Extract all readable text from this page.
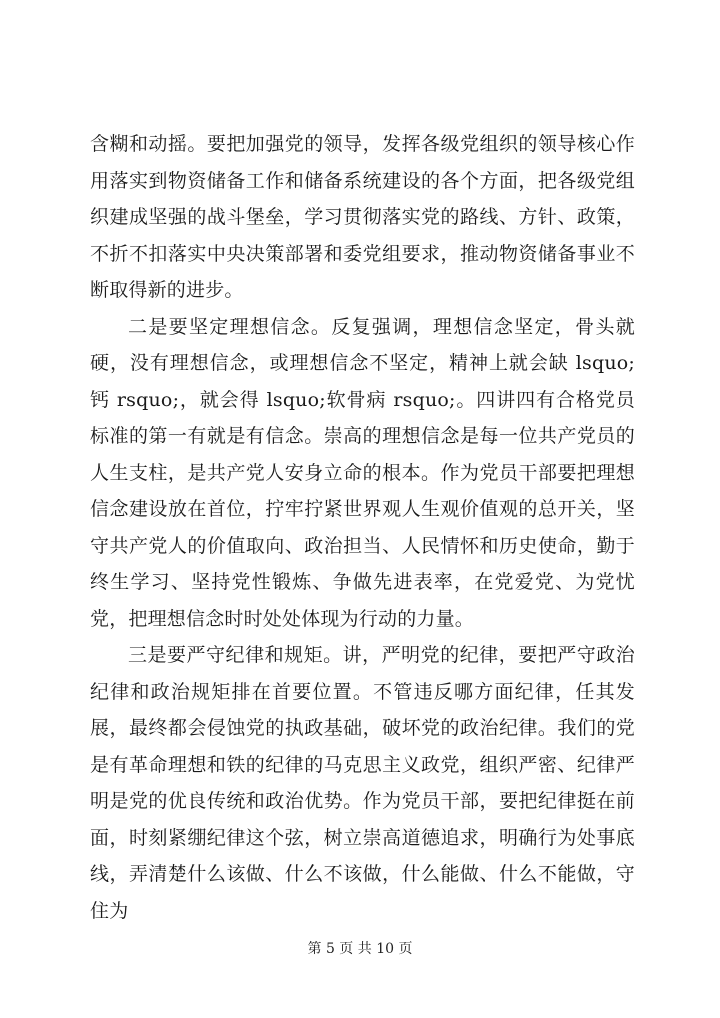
含糊和动摇。要把加强党的领导，发挥各级党组织的领导核心作用落实到物资储备工作和储备系统建设的各个方面，把各级党组织建成坚强的战斗堡垒，学习贯彻落实党的路线、方针、政策，不折不扣落实中央决策部署和委党组要求，推动物资储备事业不断取得新的进步。

二是要坚定理想信念。反复强调，理想信念坚定，骨头就硬，没有理想信念，或理想信念不坚定，精神上就会缺 lsquo;钙 rsquo;，就会得 lsquo;软骨病 rsquo;。四讲四有合格党员标准的第一有就是有信念。崇高的理想信念是每一位共产党员的人生支柱，是共产党人安身立命的根本。作为党员干部要把理想信念建设放在首位，拧牢拧紧世界观人生观价值观的总开关，坚守共产党人的价值取向、政治担当、人民情怀和历史使命，勤于终生学习、坚持党性锻炼、争做先进表率，在党爱党、为党忧党，把理想信念时时处处体现为行动的力量。

三是要严守纪律和规矩。讲，严明党的纪律，要把严守政治纪律和政治规矩排在首要位置。不管违反哪方面纪律，任其发展，最终都会侵蚀党的执政基础，破坏党的政治纪律。我们的党是有革命理想和铁的纪律的马克思主义政党，组织严密、纪律严明是党的优良传统和政治优势。作为党员干部，要把纪律挺在前面，时刻紧绷纪律这个弦，树立崇高道德追求，明确行为处事底线，弄清楚什么该做、什么不该做，什么能做、什么不能做，守住为

第 5 页 共 10 页
